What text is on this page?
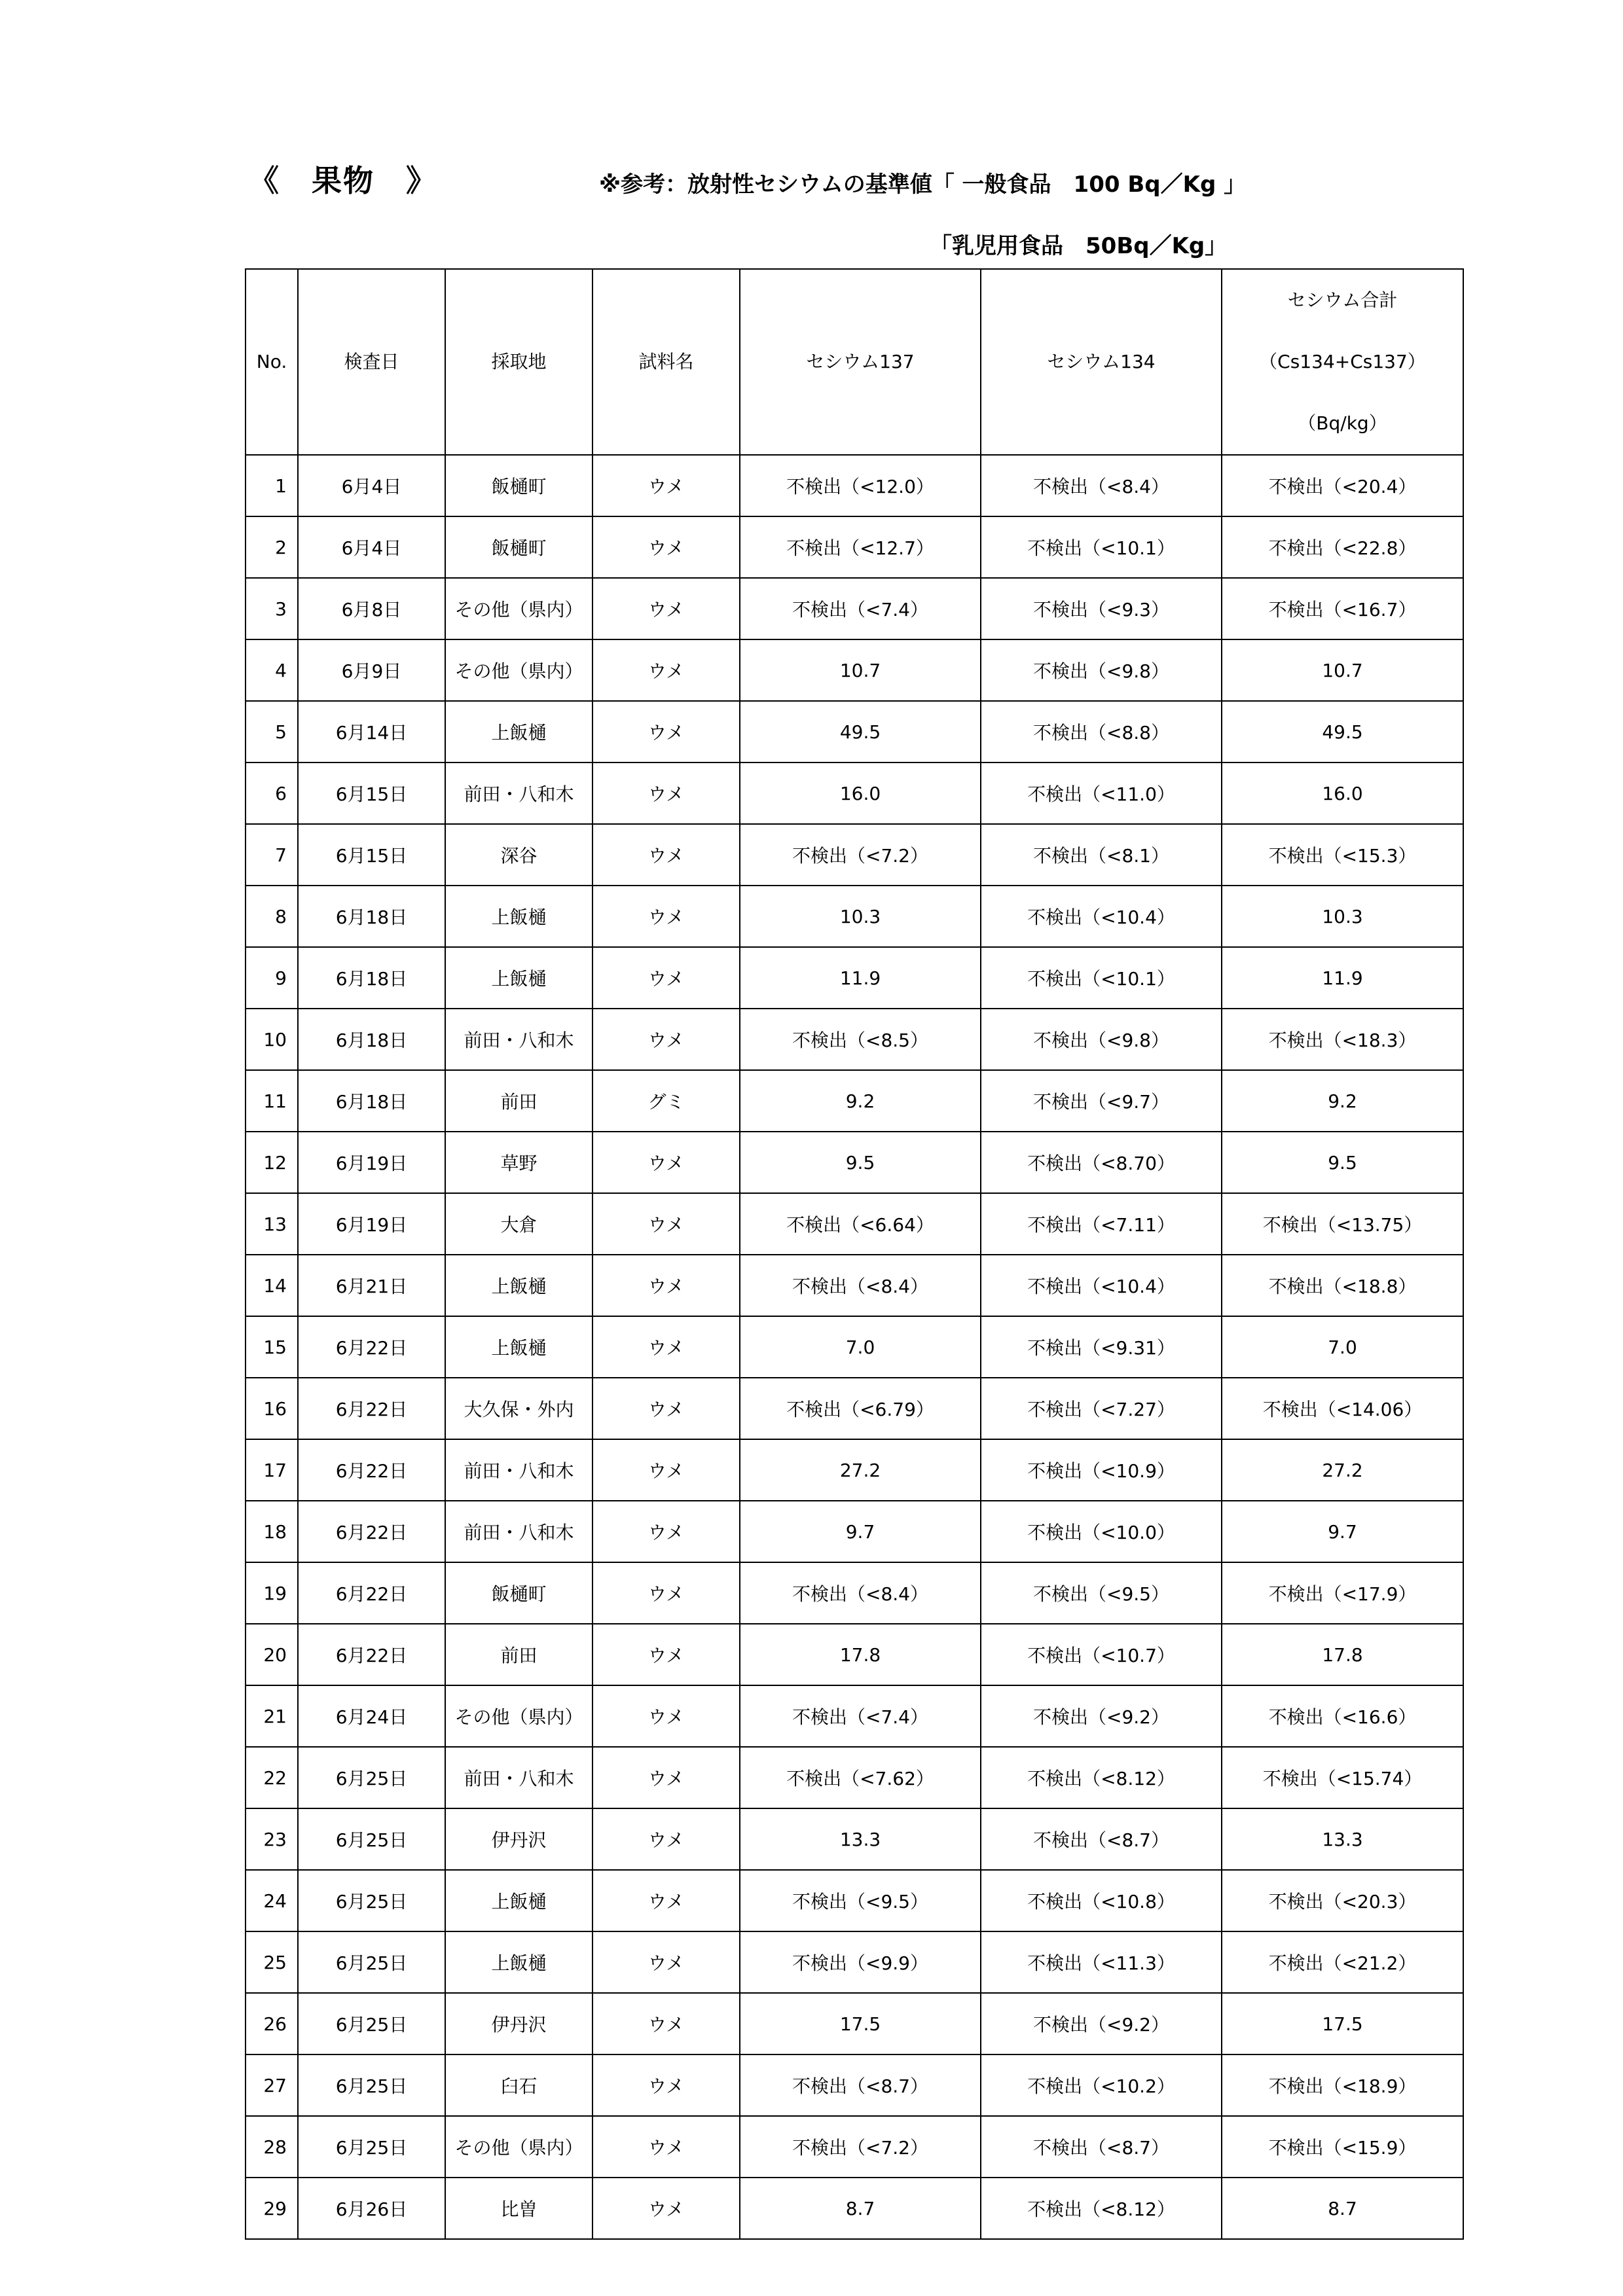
《　果物　》	※参考：放射性セシウムの基準値「 一般食品　100 Bq／Kg 」
「乳児用食品　50Bq／Kg」
No.	検査日	採取地	試料名	セシウム137	セシウム134	セシウム合計
（Cs134+Cs137）
（Bq/kg）

1	6月4日	飯樋町	ウメ	不検出（<12.0）	不検出（<8.4）	不検出（<20.4）
2	6月4日	飯樋町	ウメ	不検出（<12.7）	不検出（<10.1）	不検出（<22.8）
3	6月8日	その他（県内）	ウメ	不検出（<7.4）	不検出（<9.3）	不検出（<16.7）
4	6月9日	その他（県内）	ウメ	10.7	不検出（<9.8）	10.7
5	6月14日	上飯樋	ウメ	49.5	不検出（<8.8）	49.5
6	6月15日	前田・八和木	ウメ	16.0	不検出（<11.0）	16.0
7	6月15日	深谷	ウメ	不検出（<7.2）	不検出（<8.1）	不検出（<15.3）
8	6月18日	上飯樋	ウメ	10.3	不検出（<10.4）	10.3
9	6月18日	上飯樋	ウメ	11.9	不検出（<10.1）	11.9
10	6月18日	前田・八和木	ウメ	不検出（<8.5）	不検出（<9.8）	不検出（<18.3）
11	6月18日	前田	グミ	9.2	不検出（<9.7）	9.2
12	6月19日	草野	ウメ	9.5	不検出（<8.70）	9.5
13	6月19日	大倉	ウメ	不検出（<6.64）	不検出（<7.11）	不検出（<13.75）
14	6月21日	上飯樋	ウメ	不検出（<8.4）	不検出（<10.4）	不検出（<18.8）
15	6月22日	上飯樋	ウメ	7.0	不検出（<9.31）	7.0
16	6月22日	大久保・外内	ウメ	不検出（<6.79）	不検出（<7.27）	不検出（<14.06）
17	6月22日	前田・八和木	ウメ	27.2	不検出（<10.9）	27.2
18	6月22日	前田・八和木	ウメ	9.7	不検出（<10.0）	9.7
19	6月22日	飯樋町	ウメ	不検出（<8.4）	不検出（<9.5）	不検出（<17.9）
20	6月22日	前田	ウメ	17.8	不検出（<10.7）	17.8
21	6月24日	その他（県内）	ウメ	不検出（<7.4）	不検出（<9.2）	不検出（<16.6）
22	6月25日	前田・八和木	ウメ	不検出（<7.62）	不検出（<8.12）	不検出（<15.74）
23	6月25日	伊丹沢	ウメ	13.3	不検出（<8.7）	13.3
24	6月25日	上飯樋	ウメ	不検出（<9.5）	不検出（<10.8）	不検出（<20.3）
25	6月25日	上飯樋	ウメ	不検出（<9.9）	不検出（<11.3）	不検出（<21.2）
26	6月25日	伊丹沢	ウメ	17.5	不検出（<9.2）	17.5
27	6月25日	臼石	ウメ	不検出（<8.7）	不検出（<10.2）	不検出（<18.9）
28	6月25日	その他（県内）	ウメ	不検出（<7.2）	不検出（<8.7）	不検出（<15.9）
29	6月26日	比曽	ウメ	8.7	不検出（<8.12）	8.7
